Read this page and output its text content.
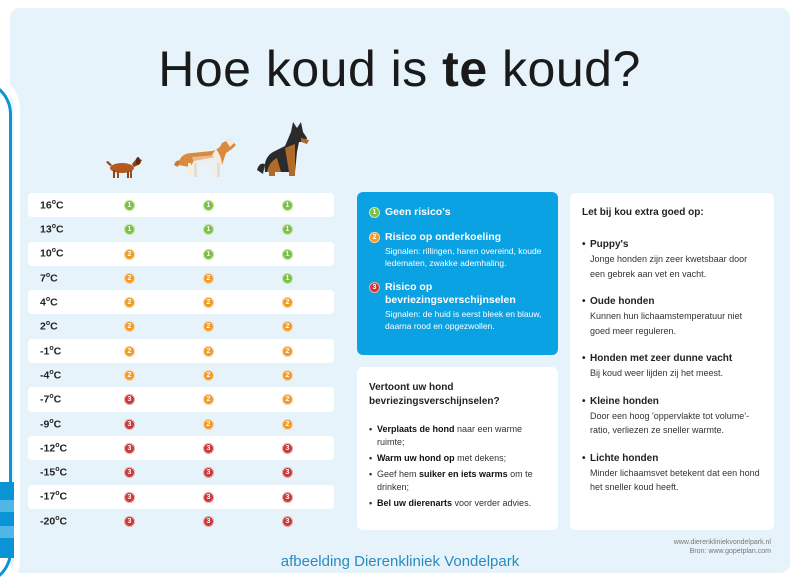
Hoe koud is te koud?
16$^o$C	1	1	1
13$^o$C	1	1	1
10$^o$C	2	1	1
7$^o$C	2	2	1
4$^o$C	2	2	2
2$^o$C	2	2	2
-1$^o$C	2	2	2
-4$^o$C	2	2	2
-7$^o$C	3	2	2
-9$^o$C	3	2	2
-12$^o$C	3	3	3
-15$^o$C	3	3	3
-17$^o$C	3	3	3
-20$^o$C	3	3	3
1 Geen risico's
2 Risico op onderkoeling
Signalen: rillingen, haren overeind, koude ledematen, zwakke ademhaling.
3 Risico op bevriezingsverschijnselen
Signalen: de huid is eerst bleek en blauw, daarna rood en opgezwollen.
Vertoont uw hond bevriezingsverschijnselen?
• Verplaats de hond naar een warme ruimte;
• Warm uw hond op met dekens;
• Geef hem suiker en iets warms om te drinken;
• Bel uw dierenarts voor verder advies.
Let bij kou extra goed op:
• Puppy's
Jonge honden zijn zeer kwetsbaar door een gebrek aan vet en vacht.
• Oude honden
Kunnen hun lichaamstemperatuur niet goed meer reguleren.
• Honden met zeer dunne vacht
Bij koud weer lijden zij het meest.
• Kleine honden
Door een hoog 'oppervlakte tot volume'-ratio, verliezen ze sneller warmte.
• Lichte honden
Minder lichaamsvet betekent dat een hond het sneller koud heeft.
www.dierenkliniekvondelpark.nl
Bron: www.gopetplan.com
afbeelding Dierenkliniek Vondelpark
